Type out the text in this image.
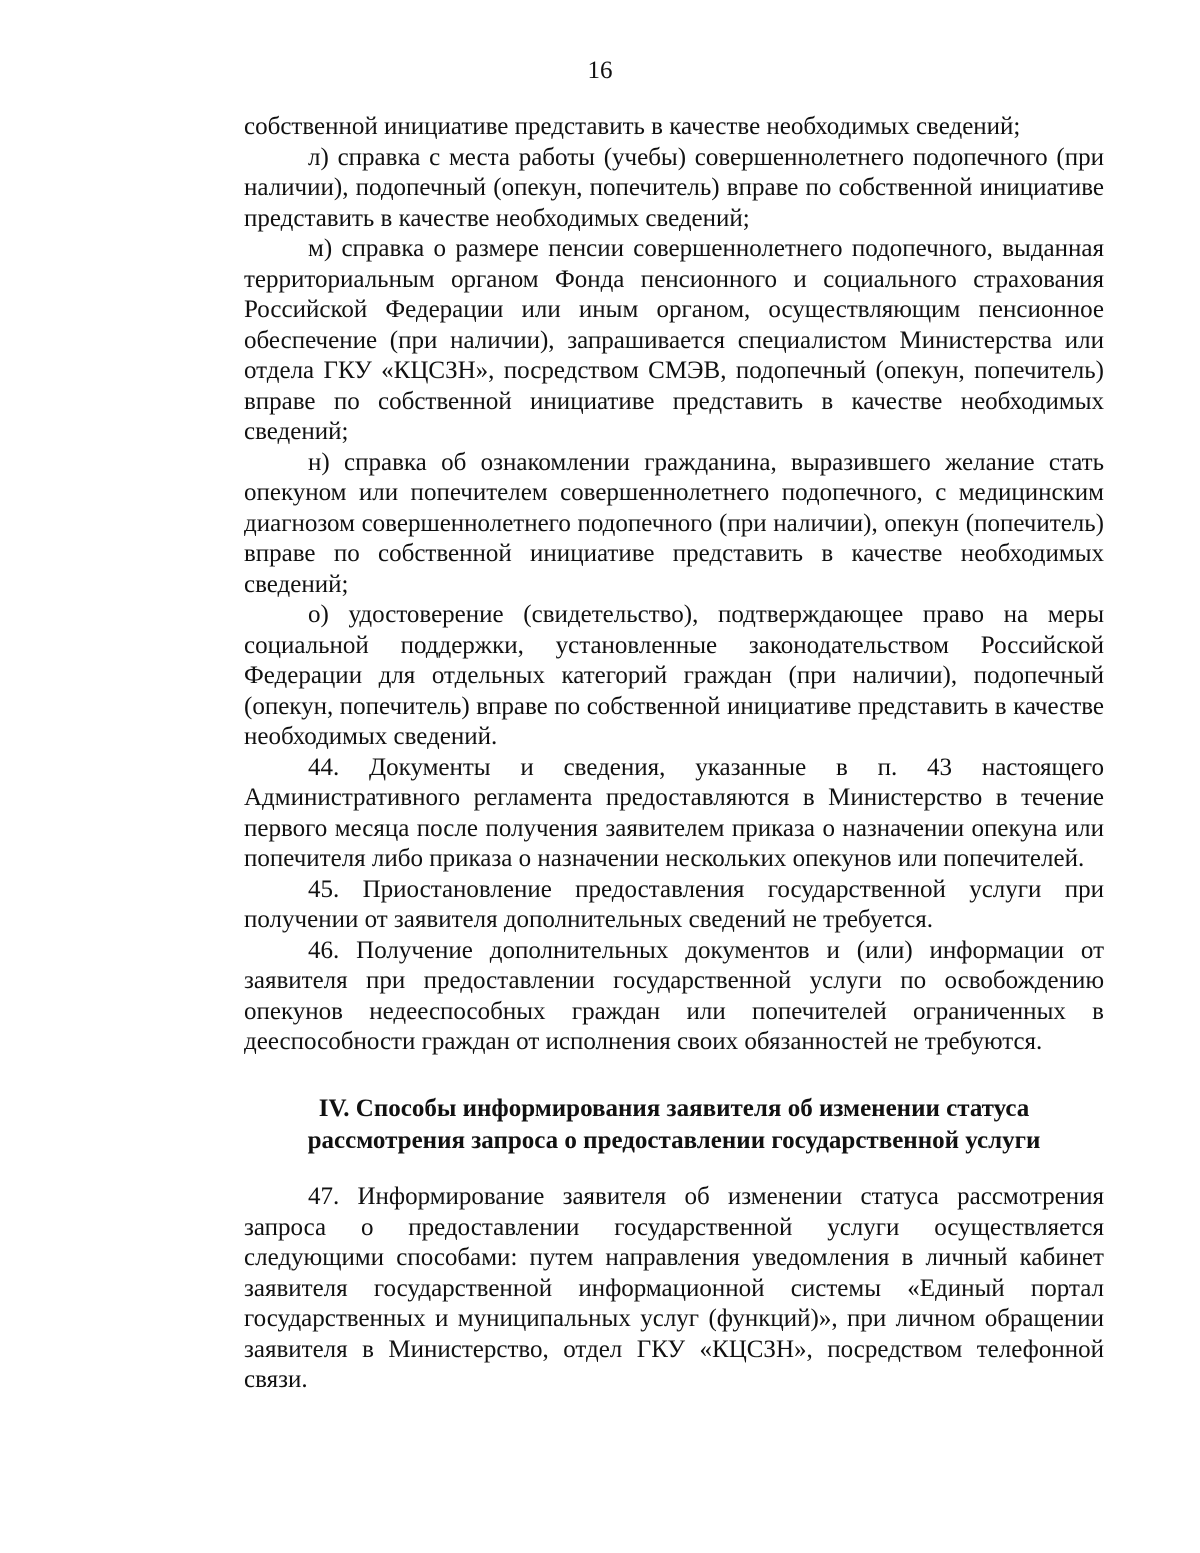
16

собственной инициативе представить в качестве необходимых сведений;

л) справка с места работы (учебы) совершеннолетнего подопечного (при наличии), подопечный (опекун, попечитель) вправе по собственной инициативе представить в качестве необходимых сведений;

м) справка о размере пенсии совершеннолетнего подопечного, выданная территориальным органом Фонда пенсионного и социального страхования Российской Федерации или иным органом, осуществляющим пенсионное обеспечение (при наличии), запрашивается специалистом Министерства или отдела ГКУ «КЦСЗН», посредством СМЭВ, подопечный (опекун, попечитель) вправе по собственной инициативе представить в качестве необходимых сведений;

н) справка об ознакомлении гражданина, выразившего желание стать опекуном или попечителем совершеннолетнего подопечного, с медицинским диагнозом совершеннолетнего подопечного (при наличии), опекун (попечитель) вправе по собственной инициативе представить в качестве необходимых сведений;

о) удостоверение (свидетельство), подтверждающее право на меры социальной поддержки, установленные законодательством Российской Федерации для отдельных категорий граждан (при наличии), подопечный (опекун, попечитель) вправе по собственной инициативе представить в качестве необходимых сведений.

44. Документы и сведения, указанные в п. 43 настоящего Административного регламента предоставляются в Министерство в течение первого месяца после получения заявителем приказа о назначении опекуна или попечителя либо приказа о назначении нескольких опекунов или попечителей.

45. Приостановление предоставления государственной услуги при получении от заявителя дополнительных сведений не требуется.

46. Получение дополнительных документов и (или) информации от заявителя при предоставлении государственной услуги по освобождению опекунов недееспособных граждан или попечителей ограниченных в дееспособности граждан от исполнения своих обязанностей не требуются.

IV. Способы информирования заявителя об изменении статуса
рассмотрения запроса о предоставлении государственной услуги

47. Информирование заявителя об изменении статуса рассмотрения запроса о предоставлении государственной услуги осуществляется следующими способами: путем направления уведомления в личный кабинет заявителя государственной информационной системы «Единый портал государственных и муниципальных услуг (функций)», при личном обращении заявителя в Министерство, отдел ГКУ «КЦСЗН», посредством телефонной связи.
